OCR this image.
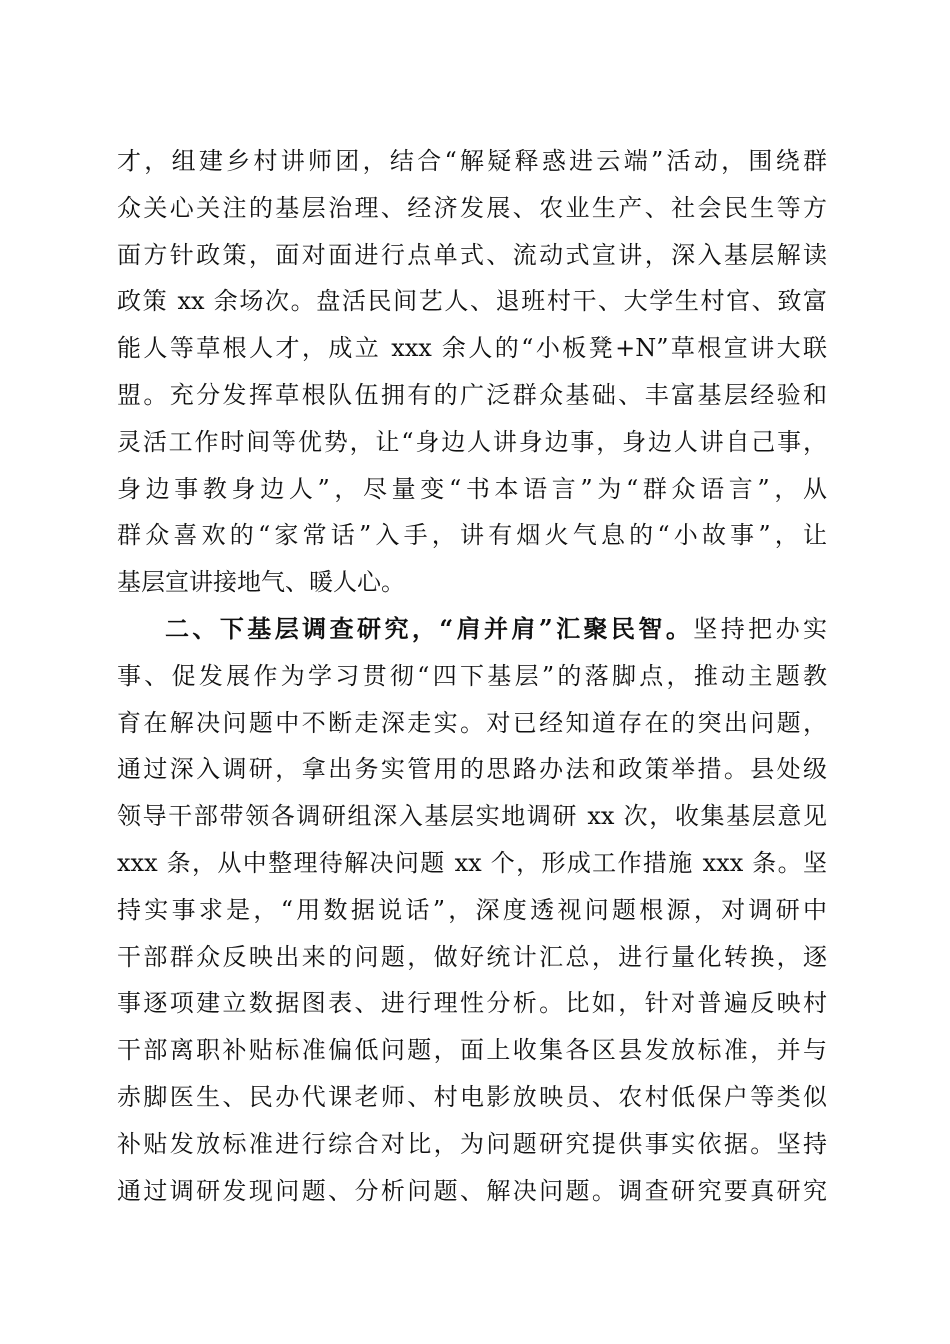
才，组建乡村讲师团，结合“解疑释惑进云端”活动，围绕群
众关心关注的基层治理、经济发展、农业生产、社会民生等方
面方针政策，面对面进行点单式、流动式宣讲，深入基层解读
政策 xx 余场次。盘活民间艺人、退班村干、大学生村官、致富
能人等草根人才，成立 xxx 余人的“小板凳+N”草根宣讲大联
盟。充分发挥草根队伍拥有的广泛群众基础、丰富基层经验和
灵活工作时间等优势，让“身边人讲身边事，身边人讲自己事，
身边事教身边人”，尽量变“书本语言”为“群众语言”，从
群众喜欢的“家常话”入手，讲有烟火气息的“小故事”，让
基层宣讲接地气、暖人心。
二、下基层调查研究，“肩并肩”汇聚民智。坚持把办实
事、促发展作为学习贯彻“四下基层”的落脚点，推动主题教
育在解决问题中不断走深走实。对已经知道存在的突出问题，
通过深入调研，拿出务实管用的思路办法和政策举措。县处级
领导干部带领各调研组深入基层实地调研 xx 次，收集基层意见
xxx 条，从中整理待解决问题 xx 个，形成工作措施 xxx 条。坚
持实事求是，“用数据说话”，深度透视问题根源，对调研中
干部群众反映出来的问题，做好统计汇总，进行量化转换，逐
事逐项建立数据图表、进行理性分析。比如，针对普遍反映村
干部离职补贴标准偏低问题，面上收集各区县发放标准，并与
赤脚医生、民办代课老师、村电影放映员、农村低保户等类似
补贴发放标准进行综合对比，为问题研究提供事实依据。坚持
通过调研发现问题、分析问题、解决问题。调查研究要真研究
